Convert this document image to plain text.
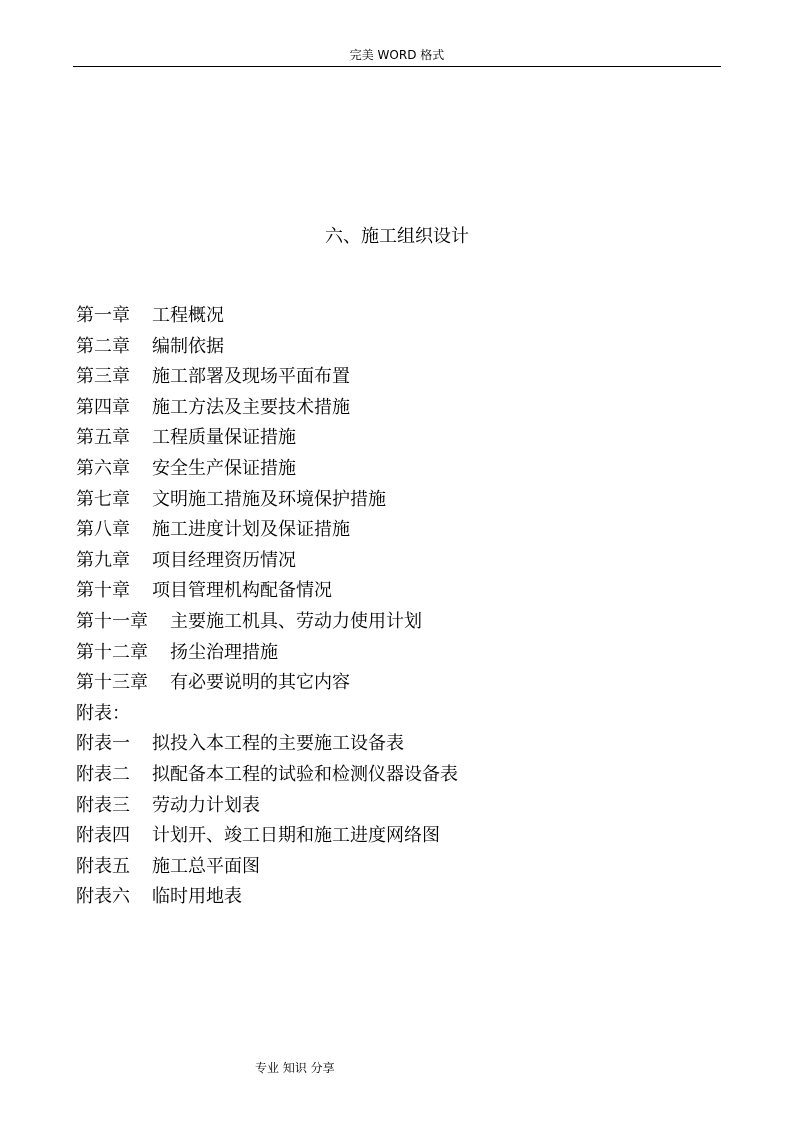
完美 WORD 格式
六、施工组织设计
第一章 工程概况
第二章 编制依据
第三章 施工部署及现场平面布置
第四章 施工方法及主要技术措施
第五章 工程质量保证措施
第六章 安全生产保证措施
第七章 文明施工措施及环境保护措施
第八章 施工进度计划及保证措施
第九章 项目经理资历情况
第十章 项目管理机构配备情况
第十一章 主要施工机具、劳动力使用计划
第十二章 扬尘治理措施
第十三章 有必要说明的其它内容
附表：
附表一 拟投入本工程的主要施工设备表
附表二 拟配备本工程的试验和检测仪器设备表
附表三 劳动力计划表
附表四 计划开、竣工日期和施工进度网络图
附表五 施工总平面图
附表六 临时用地表
专业 知识 分享
